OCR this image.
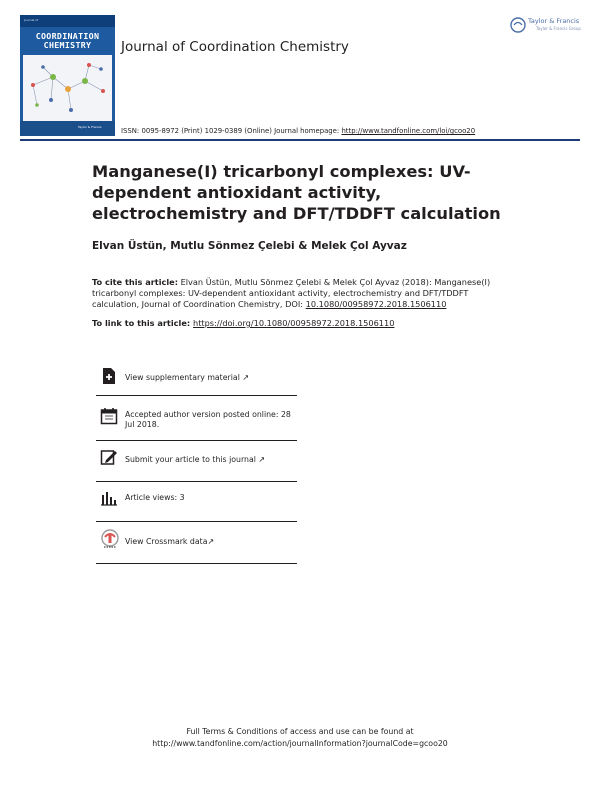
Journal of
COORDINATION
CHEMISTRY
Taylor & Francis
Journal of Coordination Chemistry
Taylor & Francis
Taylor & Francis Group
ISSN: 0095-8972 (Print) 1029-0389 (Online) Journal homepage: http://www.tandfonline.com/loi/gcoo20
Manganese(I) tricarbonyl complexes: UV-dependent antioxidant activity, electrochemistry and DFT/TDDFT calculation
Elvan Üstün, Mutlu Sönmez Çelebi & Melek Çol Ayvaz
To cite this article: Elvan Üstün, Mutlu Sönmez Çelebi & Melek Çol Ayvaz (2018): Manganese(I) tricarbonyl complexes: UV-dependent antioxidant activity, electrochemistry and DFT/TDDFT calculation, Journal of Coordination Chemistry, DOI: 10.1080/00958972.2018.1506110
To link to this article: https://doi.org/10.1080/00958972.2018.1506110
View supplementary material ↗
Accepted author version posted online: 28 Jul 2018.
Submit your article to this journal ↗
Article views: 3
View Crossmark data↗
Full Terms & Conditions of access and use can be found at
http://www.tandfonline.com/action/journalInformation?journalCode=gcoo20
